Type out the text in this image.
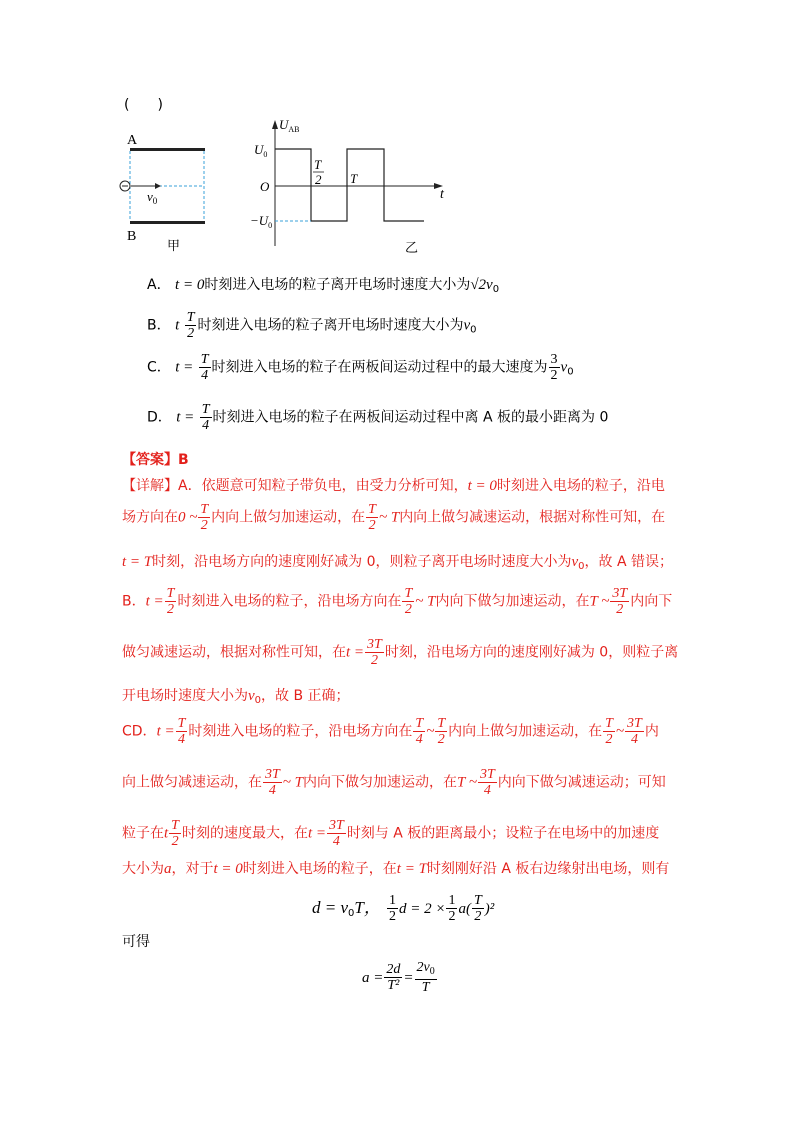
(　　)
A
B
$v_0$
甲
$U_{AB}$
$U_0$
$-U_0$
O
t
T
2 T
乙
A． t = 0时刻进入电场的粒子离开电场时速度大小为$√2v_0$
B． t $\frac{T}{2}$ 时刻进入电场的粒子离开电场时速度大小为$v_0$
C． $t = \frac{T}{4}$ 时刻进入电场的粒子在两板间运动过程中的最大速度为 $\frac{3}{2} v_0$
D． $t = \frac{T}{4}$ 时刻进入电场的粒子在两板间运动过程中离 A 板的最小距离为 0
【答案】B
【详解】A．依题意可知粒子带负电，由受力分析可知，t = 0时刻进入电场的粒子，沿电
场方向在0 ~ $\frac{T}{2}$ 内向上做匀加速运动，在 $\frac{T}{2}$ ~ T内向上做匀减速运动，根据对称性可知，在
t = T时刻，沿电场方向的速度刚好减为 0，则粒子离开电场时速度大小为$v_0$，故 A 错误；
B．$t = \frac{T}{2}$ 时刻进入电场的粒子，沿电场方向在 $\frac{T}{2}$ ~ T内向下做匀加速运动，在T ~ $\frac{3T}{2}$ 内向下
做匀减速运动，根据对称性可知，在$t = \frac{3T}{2}$ 时刻，沿电场方向的速度刚好减为 0，则粒子离
开电场时速度大小为$v_0$，故 B 正确；
CD．$t = \frac{T}{4}$ 时刻进入电场的粒子，沿电场方向在 $\frac{T}{4}$ ~ $\frac{T}{2}$ 内向上做匀加速运动，在 $\frac{T}{2}$ ~ $\frac{3T}{4}$ 内
向上做匀减速运动，在 $\frac{3T}{4}$ ~ T内向下做匀加速运动，在T ~ $\frac{3T}{4}$ 内向下做匀减速运动；可知
粒子在t $\frac{T}{2}$ 时刻的速度最大，在$t = \frac{3T}{4}$ 时刻与 A 板的距离最小；设粒子在电场中的加速度
大小为a，对于t = 0时刻进入电场的粒子，在t = T时刻刚好沿 A 板右边缘射出电场，则有
$d = v_0T$， $\frac{1}{2}$ $d = 2 \times \frac{1}{2} a( \frac{T}{2} )^2$
可得
$a = \frac{2d}{\text{T²}} = \frac{2v_0}{T}$
